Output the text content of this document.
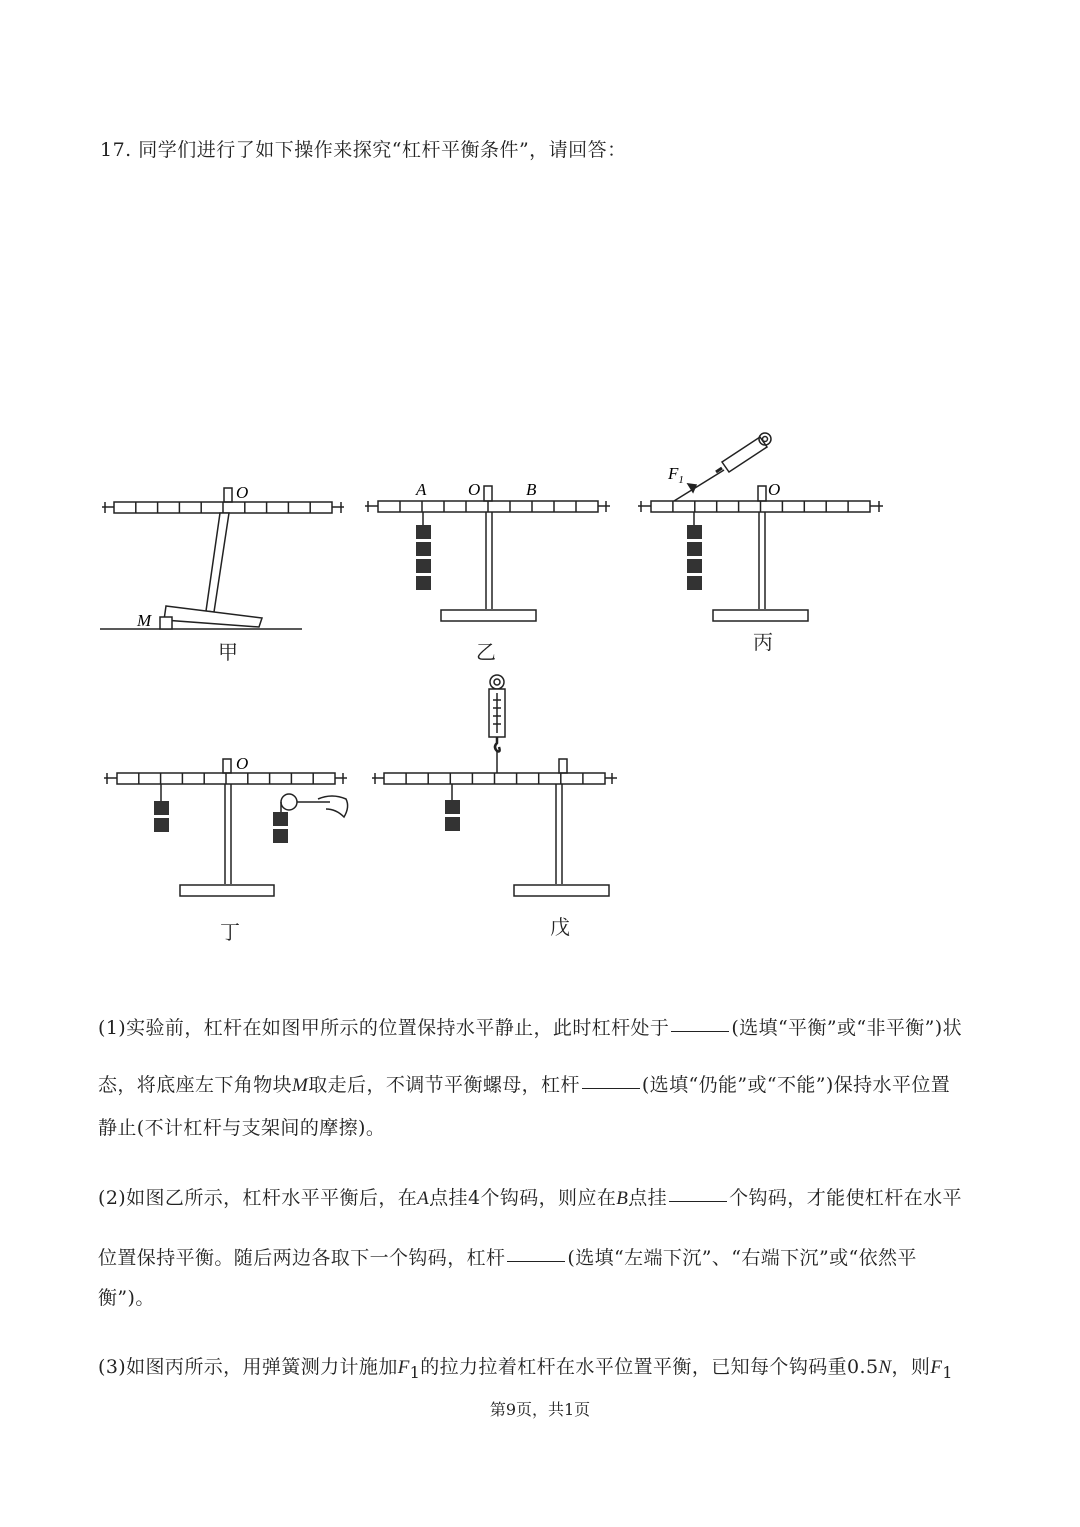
17. 同学们进行了如下操作来探究“杠杆平衡条件”，请回答：
O
M
A O	B
$F_1$	O
O
甲	乙	丙
丁	戊
(1)实验前，杠杆在如图甲所示的位置保持水平静止，此时杠杆处于	(选填“平衡”或“非平衡”)状
态，将底座左下角物块M取走后，不调节平衡螺母，杠杆	(选填“仍能”或“不能”)保持水平位置
静止(不计杠杆与支架间的摩擦)。
(2)如图乙所示，杠杆水平平衡后，在A点挂4个钩码，则应在B点挂	个钩码，才能使杠杆在水平
位置保持平衡。随后两边各取下一个钩码，杠杆	(选填“左端下沉”、“右端下沉”或“依然平
衡”)。
(3)如图丙所示，用弹簧测力计施加$F_1$的拉力拉着杠杆在水平位置平衡，已知每个钩码重0.5N，则$F_1$
第9页，共1页
